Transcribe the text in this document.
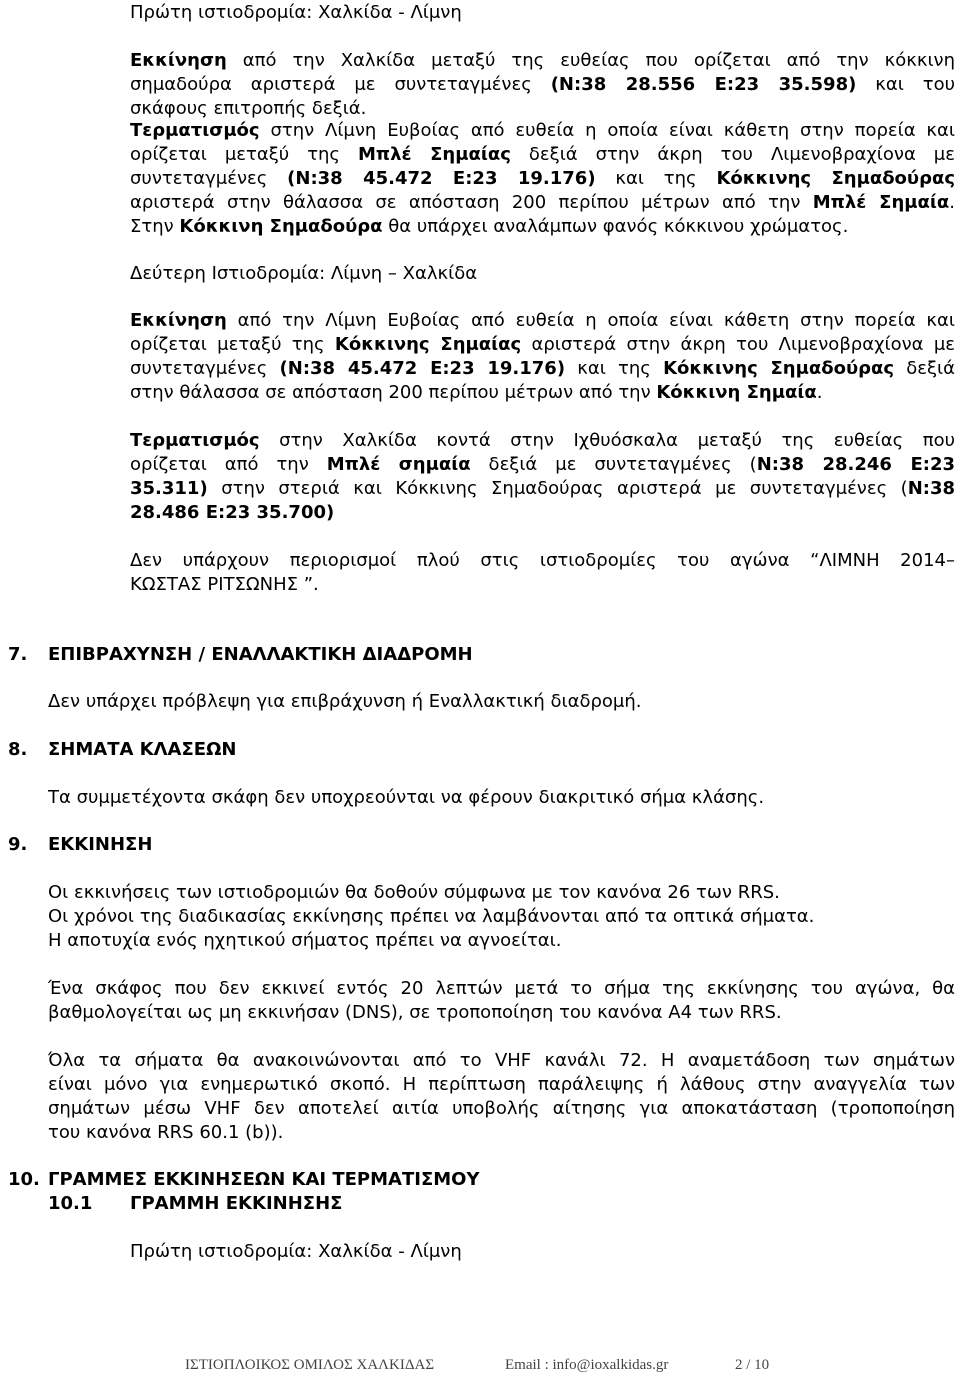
Πρώτη ιστιοδρομία: Χαλκίδα - Λίμνη
Εκκίνηση από την Χαλκίδα μεταξύ της ευθείας που ορίζεται από την κόκκινη
σημαδούρα αριστερά με συντεταγμένες (N:38 28.556 E:23 35.598) και του
σκάφους επιτροπής δεξιά.
Τερματισμός στην Λίμνη Ευβοίας από ευθεία η οποία είναι κάθετη στην πορεία και
ορίζεται μεταξύ της Μπλέ Σημαίας δεξιά στην άκρη του Λιμενοβραχίονα με
συντεταγμένες (N:38 45.472 E:23 19.176) και της Κόκκινης Σημαδούρας
αριστερά στην θάλασσα σε απόσταση 200 περίπου μέτρων από την Μπλέ Σημαία.
Στην Κόκκινη Σημαδούρα θα υπάρχει αναλάμπων φανός κόκκινου χρώματος.
Δεύτερη Ιστιοδρομία: Λίμνη – Χαλκίδα
Εκκίνηση από την Λίμνη Ευβοίας από ευθεία η οποία είναι κάθετη στην πορεία και
ορίζεται μεταξύ της Κόκκινης Σημαίας αριστερά στην άκρη του Λιμενοβραχίονα με
συντεταγμένες (N:38 45.472 E:23 19.176) και της Κόκκινης Σημαδούρας δεξιά
στην θάλασσα σε απόσταση 200 περίπου μέτρων από την Κόκκινη Σημαία.
Τερματισμός στην Χαλκίδα κοντά στην Ιχθυόσκαλα μεταξύ της ευθείας που
ορίζεται από την Μπλέ σημαία δεξιά με συντεταγμένες (N:38 28.246 E:23
35.311) στην στεριά και Κόκκινης Σημαδούρας αριστερά με συντεταγμένες (N:38
28.486 E:23 35.700)
Δεν υπάρχουν περιορισμοί πλού στις ιστιοδρομίες του αγώνα “ΛΙΜΝΗ 2014–
ΚΩΣΤΑΣ ΡΙΤΣΩΝΗΣ ”.
7. ΕΠΙΒΡΑΧΥΝΣΗ / ΕΝΑΛΛΑΚΤΙΚΗ ΔΙΑΔΡΟΜΗ
Δεν υπάρχει πρόβλεψη για επιβράχυνση ή Εναλλακτική διαδρομή.
8. ΣΗΜΑΤΑ ΚΛΑΣΕΩΝ
Τα συμμετέχοντα σκάφη δεν υποχρεούνται να φέρουν διακριτικό σήμα κλάσης.
9. ΕΚΚΙΝΗΣΗ
Οι εκκινήσεις των ιστιοδρομιών θα δοθούν σύμφωνα με τον κανόνα 26 των RRS.
Οι χρόνοι της διαδικασίας εκκίνησης πρέπει να λαμβάνονται από τα οπτικά σήματα.
Η αποτυχία ενός ηχητικού σήματος πρέπει να αγνοείται.
Ένα σκάφος που δεν εκκινεί εντός 20 λεπτών μετά το σήμα της εκκίνησης του αγώνα, θα
βαθμολογείται ως μη εκκινήσαν (DNS), σε τροποποίηση του κανόνα A4 των RRS.
Όλα τα σήματα θα ανακοινώνονται από το VHF κανάλι 72. Η αναμετάδοση των σημάτων
είναι μόνο για ενημερωτικό σκοπό. Η περίπτωση παράλειψης ή λάθους στην αναγγελία των
σημάτων μέσω VHF δεν αποτελεί αιτία υποβολής αίτησης για αποκατάσταση (τροποποίηση
του κανόνα RRS 60.1 (b)).
10. ΓΡΑΜΜΕΣ ΕΚΚΙΝΗΣΕΩΝ ΚΑΙ ΤΕΡΜΑΤΙΣΜΟΥ
10.1 ΓΡΑΜΜΗ ΕΚΚΙΝΗΣΗΣ
Πρώτη ιστιοδρομία: Χαλκίδα - Λίμνη
ΙΣΤΙΟΠΛΟΙΚΟΣ ΟΜΙΛΟΣ ΧΑΛΚΙΔΑΣ	Email : info@ioxalkidas.gr	2 / 10
